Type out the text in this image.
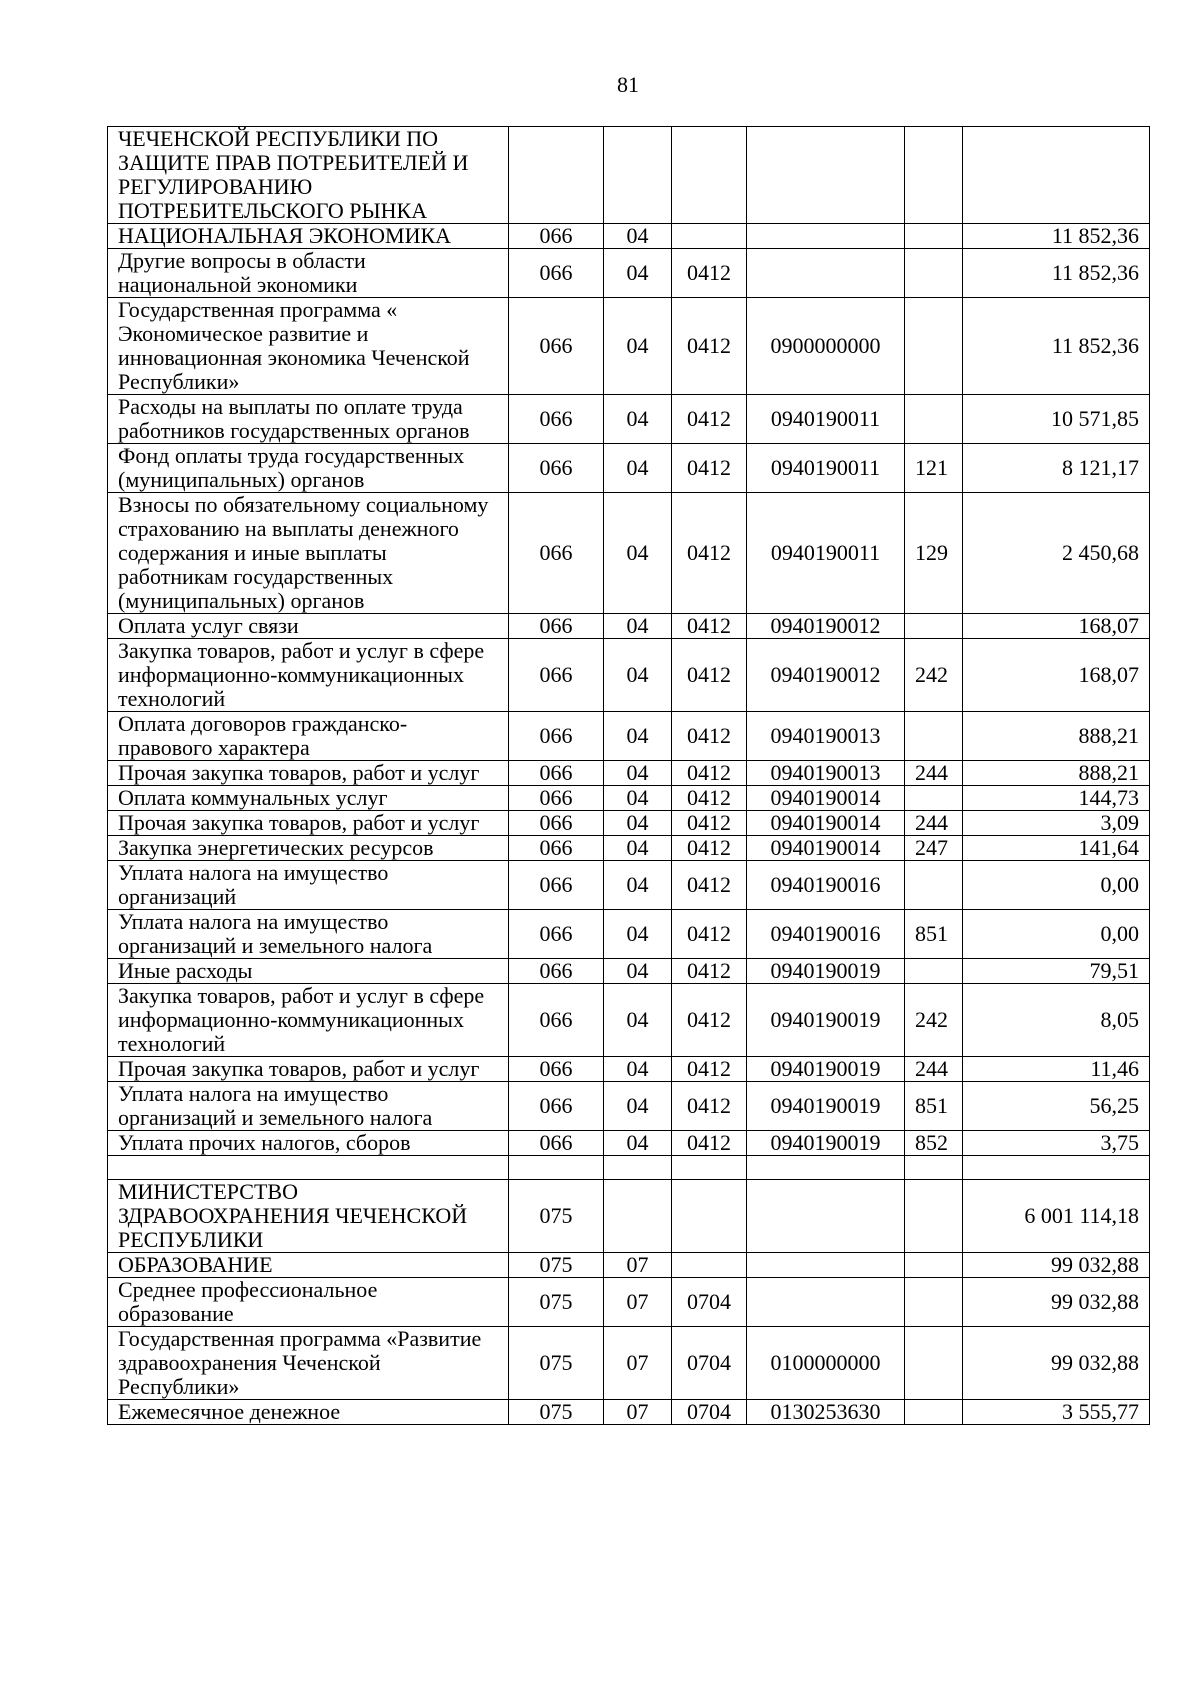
81
ЧЕЧЕНСКОЙ РЕСПУБЛИКИ ПО ЗАЩИТЕ ПРАВ ПОТРЕБИТЕЛЕЙ И РЕГУЛИРОВАНИЮ ПОТРЕБИТЕЛЬСКОГО РЫНКА						
НАЦИОНАЛЬНАЯ ЭКОНОМИКА	066	04				11 852,36
Другие вопросы в области национальной экономики	066	04	0412			11 852,36
Государственная программа « Экономическое развитие и инновационная экономика Чеченской Республики»	066	04	0412	0900000000		11 852,36
Расходы на выплаты по оплате труда работников государственных органов	066	04	0412	0940190011		10 571,85
Фонд оплаты труда государственных (муниципальных) органов	066	04	0412	0940190011	121	8 121,17
Взносы по обязательному социальному страхованию на выплаты денежного содержания и иные выплаты работникам государственных (муниципальных) органов	066	04	0412	0940190011	129	2 450,68
Оплата услуг связи	066	04	0412	0940190012		168,07
Закупка товаров, работ и услуг в сфере информационно-коммуникационных технологий	066	04	0412	0940190012	242	168,07
Оплата договоров гражданско-правового характера	066	04	0412	0940190013		888,21
Прочая закупка товаров, работ и услуг	066	04	0412	0940190013	244	888,21
Оплата коммунальных услуг	066	04	0412	0940190014		144,73
Прочая закупка товаров, работ и услуг	066	04	0412	0940190014	244	3,09
Закупка энергетических ресурсов	066	04	0412	0940190014	247	141,64
Уплата налога на имущество организаций	066	04	0412	0940190016		0,00
Уплата налога на имущество организаций и земельного налога	066	04	0412	0940190016	851	0,00
Иные расходы	066	04	0412	0940190019		79,51
Закупка товаров, работ и услуг в сфере информационно-коммуникационных технологий	066	04	0412	0940190019	242	8,05
Прочая закупка товаров, работ и услуг	066	04	0412	0940190019	244	11,46
Уплата налога на имущество организаций и земельного налога	066	04	0412	0940190019	851	56,25
Уплата прочих налогов, сборов	066	04	0412	0940190019	852	3,75

МИНИСТЕРСТВО ЗДРАВООХРАНЕНИЯ ЧЕЧЕНСКОЙ РЕСПУБЛИКИ	075					6 001 114,18
ОБРАЗОВАНИЕ	075	07				99 032,88
Среднее профессиональное образование	075	07	0704			99 032,88
Государственная программа «Развитие здравоохранения Чеченской Республики»	075	07	0704	0100000000		99 032,88
Ежемесячное денежное	075	07	0704	0130253630		3 555,77
